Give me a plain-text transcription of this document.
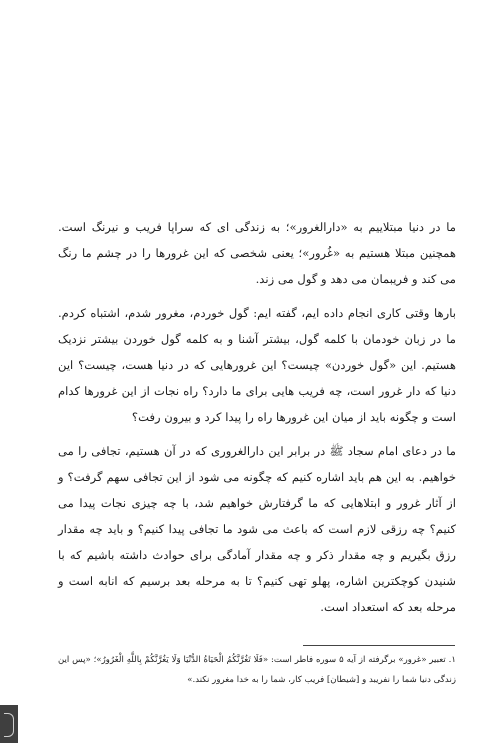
ما در دنیا مبتلاییم به «دارالغرور»؛ به زندگی ای که سراپا فریب و نیرنگ است. همچنین مبتلا هستیم به «غُرور»؛ یعنی شخصی که این غرورها را در چشم ما رنگ می کند و فریبمان می دهد و گول می زند.

بارها وقتی کاری انجام داده ایم، گفته ایم: گول خوردم، مغرور شدم، اشتباه کردم. ما در زبان خودمان با کلمه گول، بیشتر آشنا و به کلمه گول خوردن بیشتر نزدیک هستیم. این «گول خوردن» چیست؟ این غرورهایی که در دنیا هست، چیست؟ این دنیا که دار غرور است، چه فریب هایی برای ما دارد؟ راه نجات از این غرورها کدام است و چگونه باید از میان این غرورها راه را پیدا کرد و بیرون رفت؟

ما در دعای امام سجاد ﷺ در برابر این دارالغروری که در آن هستیم، تجافی را می خواهیم. به این هم باید اشاره کنیم که چگونه می شود از این تجافی سهم گرفت؟ و از آثار غرور و ابتلاهایی که ما گرفتارش خواهیم شد، با چه چیزی نجات پیدا می کنیم؟ چه رزقی لازم است که باعث می شود ما تجافی پیدا کنیم؟ و باید چه مقدار رزق بگیریم و چه مقدار ذکر و چه مقدار آمادگی برای حوادث داشته باشیم که با شنیدن کوچکترین اشاره، پهلو تهی کنیم؟ تا به مرحله بعد برسیم که انابه است و مرحله بعد که استعداد است.

۱. تعبیر «غرور» برگرفته از آیه ۵ سوره فاطر است: «فَلَا تَغُرَّنَّكُمُ الْحَيَاةُ الدُّنْيَا وَلَا يَغُرَّنَّكُمْ بِاللَّهِ الْغَرُورُ»؛ «پس این زندگی دنیا شما را نفریبد و [شیطان] فریب کار، شما را به خدا مغرور نکند.»
